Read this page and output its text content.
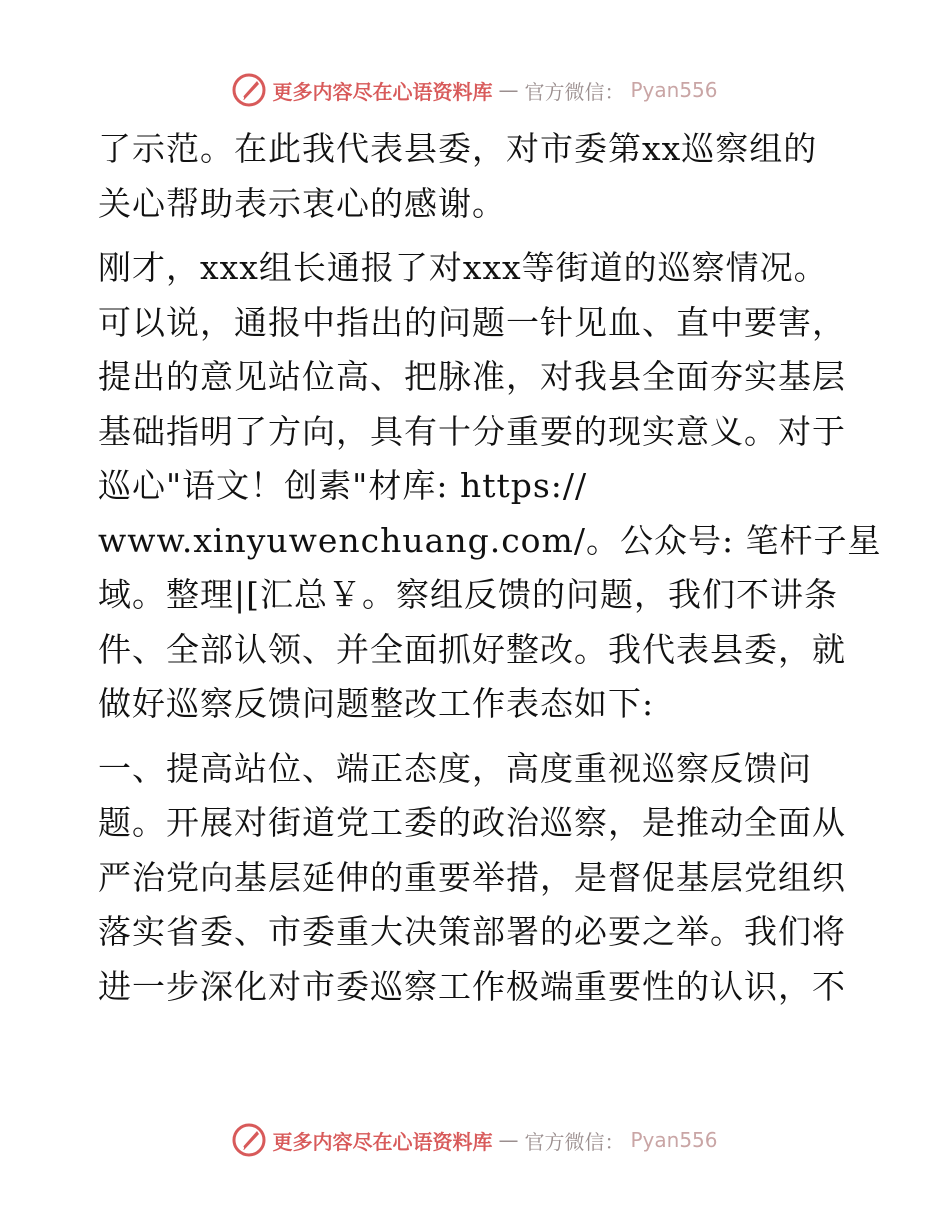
更多内容尽在心语资料库 — 官方微信： Pyan556

了示范。在此我代表县委，对市委第xx巡察组的
关心帮助表示衷心的感谢。

刚才，xxx组长通报了对xxx等街道的巡察情况。
可以说，通报中指出的问题一针见血、直中要害，
提出的意见站位高、把脉准，对我县全面夯实基层
基础指明了方向，具有十分重要的现实意义。对于
巡心"语文！创素"材库: https://
www.xinyuwenchuang.com/。公众号: 笔杆子星
域。整理|[汇总￥。察组反馈的问题，我们不讲条
件、全部认领、并全面抓好整改。我代表县委，就
做好巡察反馈问题整改工作表态如下:

一、提高站位、端正态度，高度重视巡察反馈问
题。开展对街道党工委的政治巡察，是推动全面从
严治党向基层延伸的重要举措，是督促基层党组织
落实省委、市委重大决策部署的必要之举。我们将
进一步深化对市委巡察工作极端重要性的认识，不

更多内容尽在心语资料库 — 官方微信： Pyan556
